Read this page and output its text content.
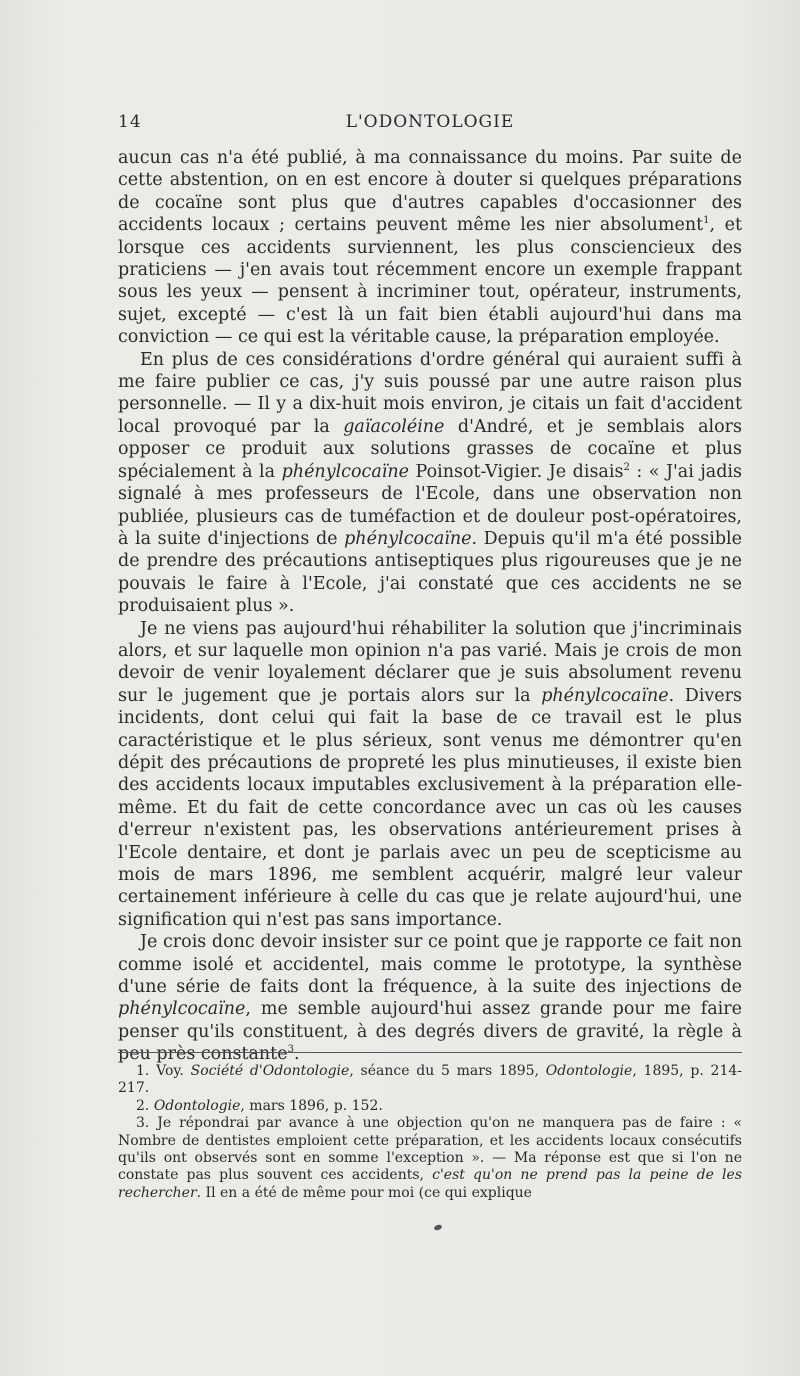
14	L'ODONTOLOGIE

aucun cas n'a été publié, à ma connaissance du moins. Par suite de cette abstention, on en est encore à douter si quelques préparations de cocaïne sont plus que d'autres capables d'occasionner des accidents locaux ; certains peuvent même les nier absolument$^1$, et lorsque ces accidents surviennent, les plus consciencieux des praticiens — j'en avais tout récemment encore un exemple frappant sous les yeux — pensent à incriminer tout, opérateur, instruments, sujet, excepté — c'est là un fait bien établi aujourd'hui dans ma conviction — ce qui est la véritable cause, la préparation employée.

En plus de ces considérations d'ordre général qui auraient suffi à me faire publier ce cas, j'y suis poussé par une autre raison plus personnelle. — Il y a dix-huit mois environ, je citais un fait d'accident local provoqué par la gaïacoléine d'André, et je semblais alors opposer ce produit aux solutions grasses de cocaïne et plus spécialement à la phénylcocaïne Poinsot-Vigier. Je disais$^2$ : « J'ai jadis signalé à mes professeurs de l'Ecole, dans une observation non publiée, plusieurs cas de tuméfaction et de douleur post-opératoires, à la suite d'injections de phénylcocaïne. Depuis qu'il m'a été possible de prendre des précautions antiseptiques plus rigoureuses que je ne pouvais le faire à l'Ecole, j'ai constaté que ces accidents ne se produisaient plus ».

Je ne viens pas aujourd'hui réhabiliter la solution que j'incriminais alors, et sur laquelle mon opinion n'a pas varié. Mais je crois de mon devoir de venir loyalement déclarer que je suis absolument revenu sur le jugement que je portais alors sur la phénylcocaïne. Divers incidents, dont celui qui fait la base de ce travail est le plus caractéristique et le plus sérieux, sont venus me démontrer qu'en dépit des précautions de propreté les plus minutieuses, il existe bien des accidents locaux imputables exclusivement à la préparation elle-même. Et du fait de cette concordance avec un cas où les causes d'erreur n'existent pas, les observations antérieurement prises à l'Ecole dentaire, et dont je parlais avec un peu de scepticisme au mois de mars 1896, me semblent acquérir, malgré leur valeur certainement inférieure à celle du cas que je relate aujourd'hui, une signification qui n'est pas sans importance.

Je crois donc devoir insister sur ce point que je rapporte ce fait non comme isolé et accidentel, mais comme le prototype, la synthèse d'une série de faits dont la fréquence, à la suite des injections de phénylcocaïne, me semble aujourd'hui assez grande pour me faire penser qu'ils constituent, à des degrés divers de gravité, la règle à peu près constante$^3$.

1. Voy. Société d'Odontologie, séance du 5 mars 1895, Odontologie, 1895, p. 214-217.

2. Odontologie, mars 1896, p. 152.

3. Je répondrai par avance à une objection qu'on ne manquera pas de faire : « Nombre de dentistes emploient cette préparation, et les accidents locaux consécutifs qu'ils ont observés sont en somme l'exception ». — Ma réponse est que si l'on ne constate pas plus souvent ces accidents, c'est qu'on ne prend pas la peine de les rechercher. Il en a été de même pour moi (ce qui explique
